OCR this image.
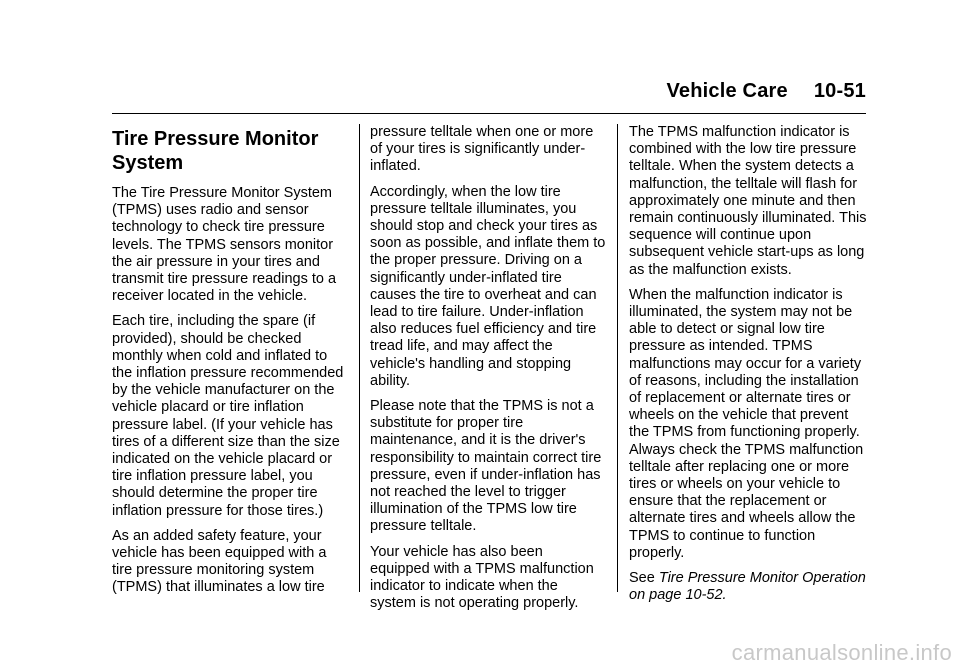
Vehicle Care 10-51
Tire Pressure Monitor System

The Tire Pressure Monitor System (TPMS) uses radio and sensor technology to check tire pressure levels. The TPMS sensors monitor the air pressure in your tires and transmit tire pressure readings to a receiver located in the vehicle.

Each tire, including the spare (if provided), should be checked monthly when cold and inflated to the inflation pressure recommended by the vehicle manufacturer on the vehicle placard or tire inflation pressure label. (If your vehicle has tires of a different size than the size indicated on the vehicle placard or tire inflation pressure label, you should determine the proper tire inflation pressure for those tires.)

As an added safety feature, your vehicle has been equipped with a tire pressure monitoring system (TPMS) that illuminates a low tire

pressure telltale when one or more of your tires is significantly under-inflated.

Accordingly, when the low tire pressure telltale illuminates, you should stop and check your tires as soon as possible, and inflate them to the proper pressure. Driving on a significantly under-inflated tire causes the tire to overheat and can lead to tire failure. Under-inflation also reduces fuel efficiency and tire tread life, and may affect the vehicle's handling and stopping ability.

Please note that the TPMS is not a substitute for proper tire maintenance, and it is the driver's responsibility to maintain correct tire pressure, even if under-inflation has not reached the level to trigger illumination of the TPMS low tire pressure telltale.

Your vehicle has also been equipped with a TPMS malfunction indicator to indicate when the system is not operating properly.

The TPMS malfunction indicator is combined with the low tire pressure telltale. When the system detects a malfunction, the telltale will flash for approximately one minute and then remain continuously illuminated. This sequence will continue upon subsequent vehicle start-ups as long as the malfunction exists.

When the malfunction indicator is illuminated, the system may not be able to detect or signal low tire pressure as intended. TPMS malfunctions may occur for a variety of reasons, including the installation of replacement or alternate tires or wheels on the vehicle that prevent the TPMS from functioning properly. Always check the TPMS malfunction telltale after replacing one or more tires or wheels on your vehicle to ensure that the replacement or alternate tires and wheels allow the TPMS to continue to function properly.

See Tire Pressure Monitor Operation on page 10-52.

carmanualsonline.info
